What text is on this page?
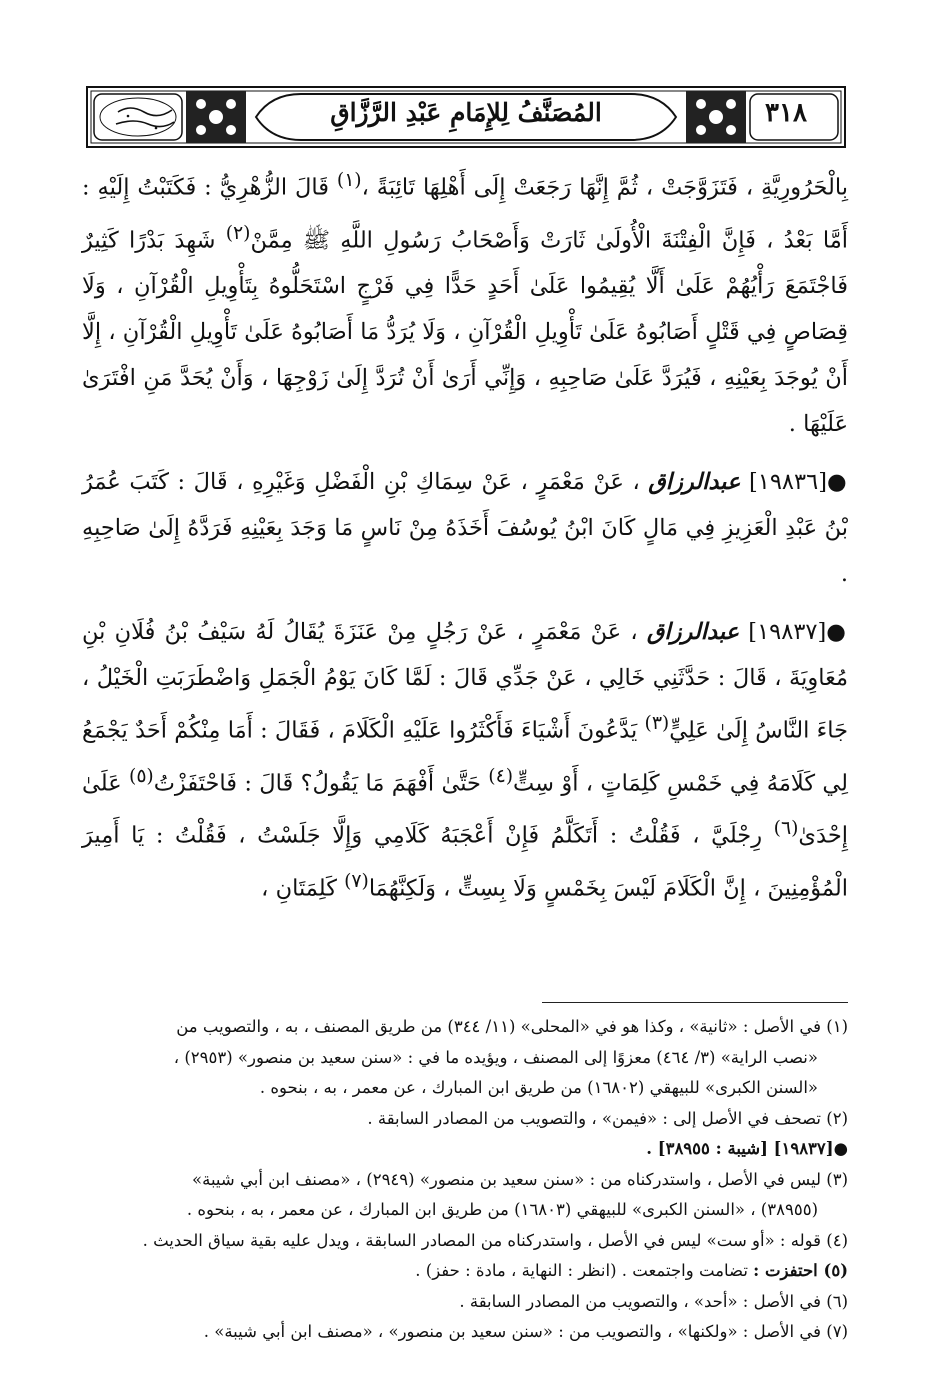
المُصَنَّفُ لِلإِمَامِ عَبْدِ الرَّزَّاقِ	٣١٨

بِالْحَرُورِيَّةِ ، فَتَزَوَّجَتْ ، ثُمَّ إِنَّهَا رَجَعَتْ إِلَى أَهْلِهَا تَائِبَةً ،$^{(١)}$ قَالَ الزُّهْرِيُّ : فَكَتَبْتُ إِلَيْهِ : أَمَّا بَعْدُ ، فَإِنَّ الْفِتْنَةَ الْأُولَىٰ ثَارَتْ وَأَصْحَابُ رَسُولِ اللَّهِ ﷺ مِمَّنْ$^{(٢)}$ شَهِدَ بَدْرًا كَثِيرٌ فَاجْتَمَعَ رَأْيُهُمْ عَلَىٰ أَلَّا يُقِيمُوا عَلَىٰ أَحَدٍ حَدًّا فِي فَرْجٍ اسْتَحَلُّوهُ بِتَأْوِيلِ الْقُرْآنِ ، وَلَا قِصَاصٍ فِي قَتْلٍ أَصَابُوهُ عَلَىٰ تَأْوِيلِ الْقُرْآنِ ، وَلَا يُرَدُّ مَا أَصَابُوهُ عَلَىٰ تَأْوِيلِ الْقُرْآنِ ، إِلَّا أَنْ يُوجَدَ بِعَيْنِهِ ، فَيُرَدَّ عَلَىٰ صَاحِبِهِ ، وَإِنِّي أَرَىٰ أَنْ تُرَدَّ إِلَىٰ زَوْجِهَا ، وَأَنْ يُحَدَّ مَنِ افْتَرَىٰ عَلَيْهَا .

●[١٩٨٣٦] عبدالرزاق ، عَنْ مَعْمَرٍ ، عَنْ سِمَاكِ بْنِ الْفَضْلِ وَغَيْرِهِ ، قَالَ : كَتَبَ عُمَرُ بْنُ عَبْدِ الْعَزِيزِ فِي مَالٍ كَانَ ابْنُ يُوسُفَ أَخَذَهُ مِنْ نَاسٍ مَا وَجَدَ بِعَيْنِهِ فَرَدَّهُ إِلَىٰ صَاحِبِهِ .

●[١٩٨٣٧] عبدالرزاق ، عَنْ مَعْمَرٍ ، عَنْ رَجُلٍ مِنْ عَنَزَةَ يُقَالُ لَهُ سَيْفُ بْنُ فُلَانِ بْنِ مُعَاوِيَةَ ، قَالَ : حَدَّثَنِي خَالِي ، عَنْ جَدِّي قَالَ : لَمَّا كَانَ يَوْمُ الْجَمَلِ وَاضْطَرَبَتِ الْخَيْلُ ، جَاءَ النَّاسُ إِلَىٰ عَلِيٍّ$^{(٣)}$ يَدَّعُونَ أَشْيَاءَ فَأَكْثَرُوا عَلَيْهِ الْكَلَامَ ، فَقَالَ : أَمَا مِنْكُمْ أَحَدٌ يَجْمَعُ لِي كَلَامَهُ فِي خَمْسِ كَلِمَاتٍ ، أَوْ سِتٍّ$^{(٤)}$ حَتَّىٰ أَفْهَمَ مَا يَقُولُ؟ قَالَ : فَاحْتَفَزْتُ$^{(٥)}$ عَلَىٰ إِحْدَىٰ$^{(٦)}$ رِجْلَيَّ ، فَقُلْتُ : أَتَكَلَّمُ فَإِنْ أَعْجَبَهُ كَلَامِي وَإِلَّا جَلَسْتُ ، فَقُلْتُ : يَا أَمِيرَ الْمُؤْمِنِينَ ، إِنَّ الْكَلَامَ لَيْسَ بِخَمْسٍ وَلَا بِسِتٍّ ، وَلَكِنَّهُمَا$^{(٧)}$ كَلِمَتَانِ ،

(١) في الأصل : «ثانية» ، وكذا هو في «المحلى» (١١/ ٣٤٤) من طريق المصنف ، به ، والتصويب من

«نصب الراية» (٣/ ٤٦٤) معزوًا إلى المصنف ، ويؤيده ما في : «سنن سعيد بن منصور» (٢٩٥٣) ،

«السنن الكبرى» للبيهقي (١٦٨٠٢) من طريق ابن المبارك ، عن معمر ، به ، بنحوه .

(٢) تصحف في الأصل إلى : «فيمن» ، والتصويب من المصادر السابقة .

●[١٩٨٣٧] [شيبة : ٣٨٩٥٥] .

(٣) ليس في الأصل ، واستدركناه من : «سنن سعيد بن منصور» (٢٩٤٩) ، «مصنف ابن أبي شيبة»

(٣٨٩٥٥) ، «السنن الكبرى» للبيهقي (١٦٨٠٣) من طريق ابن المبارك ، عن معمر ، به ، بنحوه .

(٤) قوله : «أو ست» ليس في الأصل ، واستدركناه من المصادر السابقة ، ويدل عليه بقية سياق الحديث .

(٥) احتفزت : تضامت واجتمعت . (انظر : النهاية ، مادة : حفز) .

(٦) في الأصل : «أحد» ، والتصويب من المصادر السابقة .

(٧) في الأصل : «ولكنها» ، والتصويب من : «سنن سعيد بن منصور» ، «مصنف ابن أبي شيبة» .
